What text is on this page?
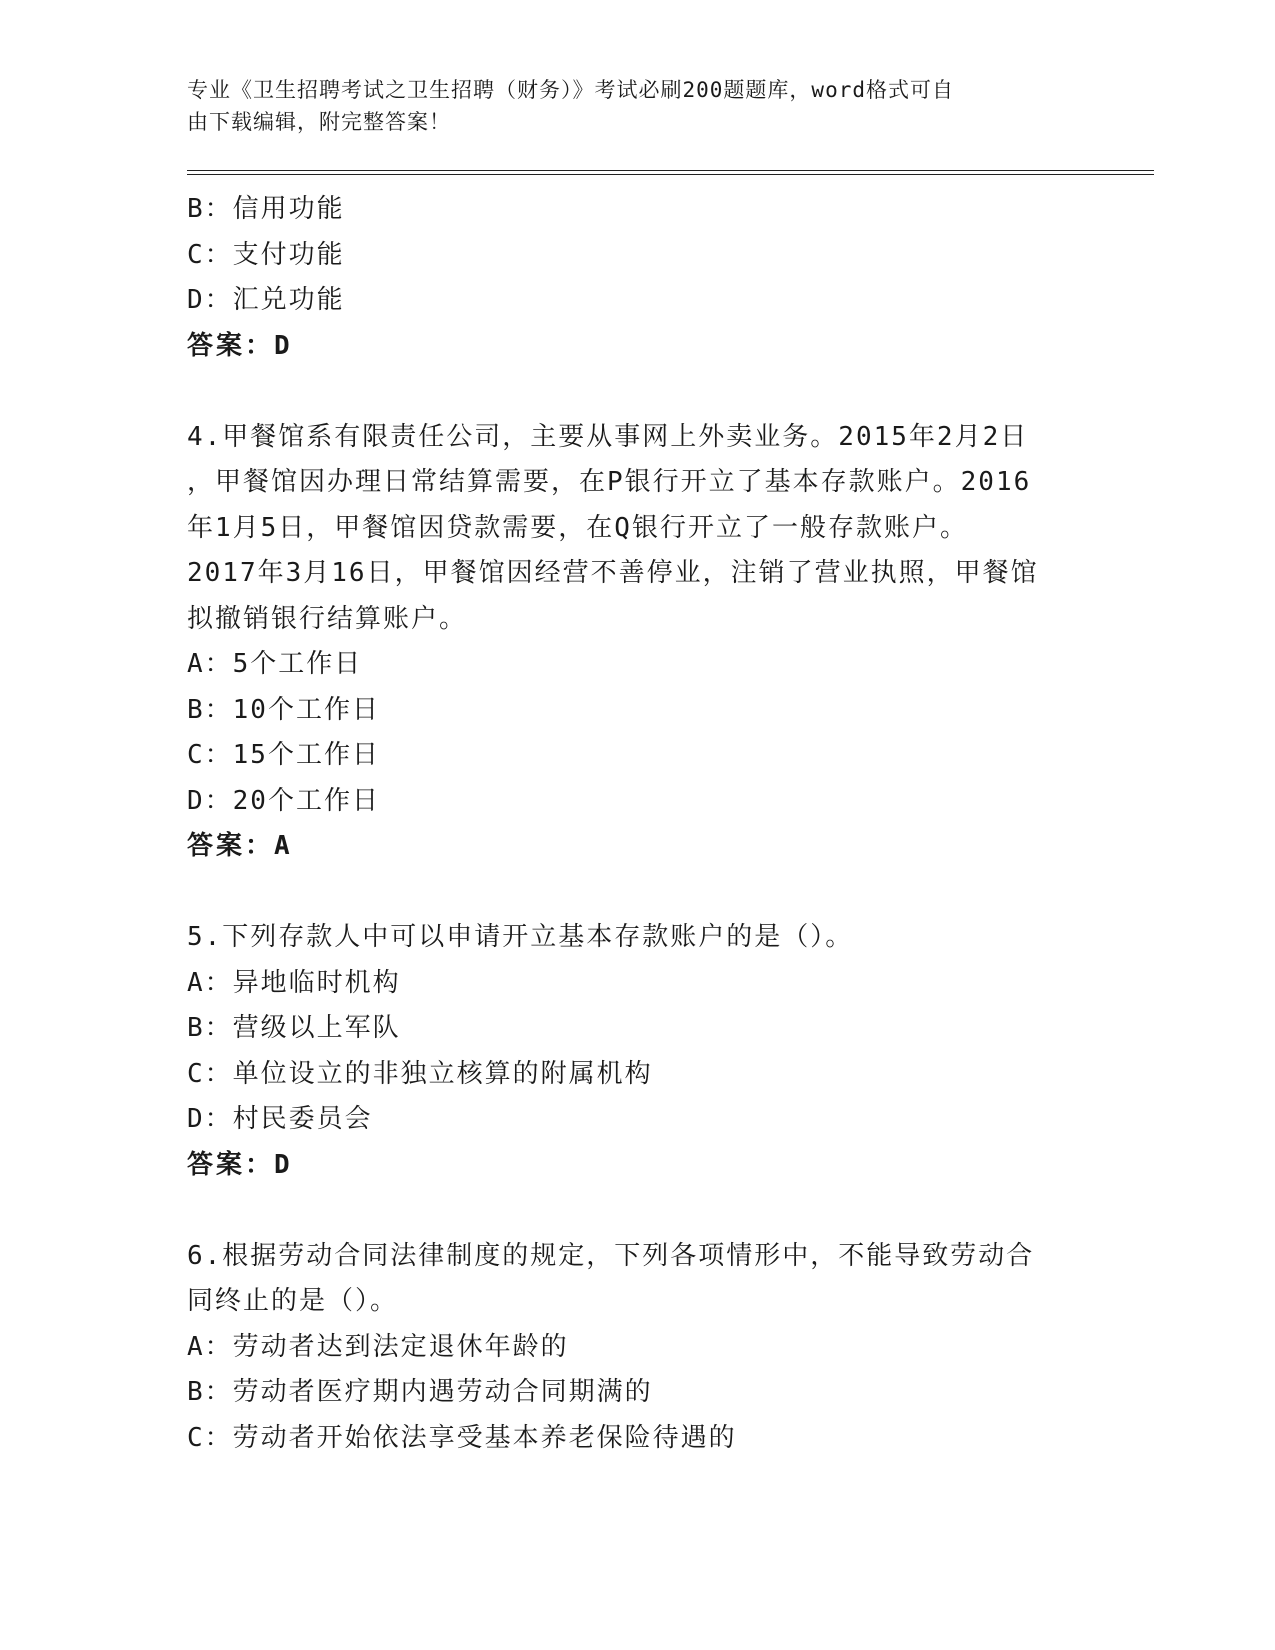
专业《卫生招聘考试之卫生招聘（财务）》考试必刷200题题库，word格式可自
由下载编辑，附完整答案！
B：信用功能
C：支付功能
D：汇兑功能
答案：D
4.甲餐馆系有限责任公司，主要从事网上外卖业务。2015年2月2日
，甲餐馆因办理日常结算需要，在P银行开立了基本存款账户。2016
年1月5日，甲餐馆因贷款需要，在Q银行开立了一般存款账户。
2017年3月16日，甲餐馆因经营不善停业，注销了营业执照，甲餐馆
拟撤销银行结算账户。
A：5个工作日
B：10个工作日
C：15个工作日
D：20个工作日
答案：A
5.下列存款人中可以申请开立基本存款账户的是（）。
A：异地临时机构
B：营级以上军队
C：单位设立的非独立核算的附属机构
D：村民委员会
答案：D
6.根据劳动合同法律制度的规定，下列各项情形中，不能导致劳动合
同终止的是（）。
A：劳动者达到法定退休年龄的
B：劳动者医疗期内遇劳动合同期满的
C：劳动者开始依法享受基本养老保险待遇的
